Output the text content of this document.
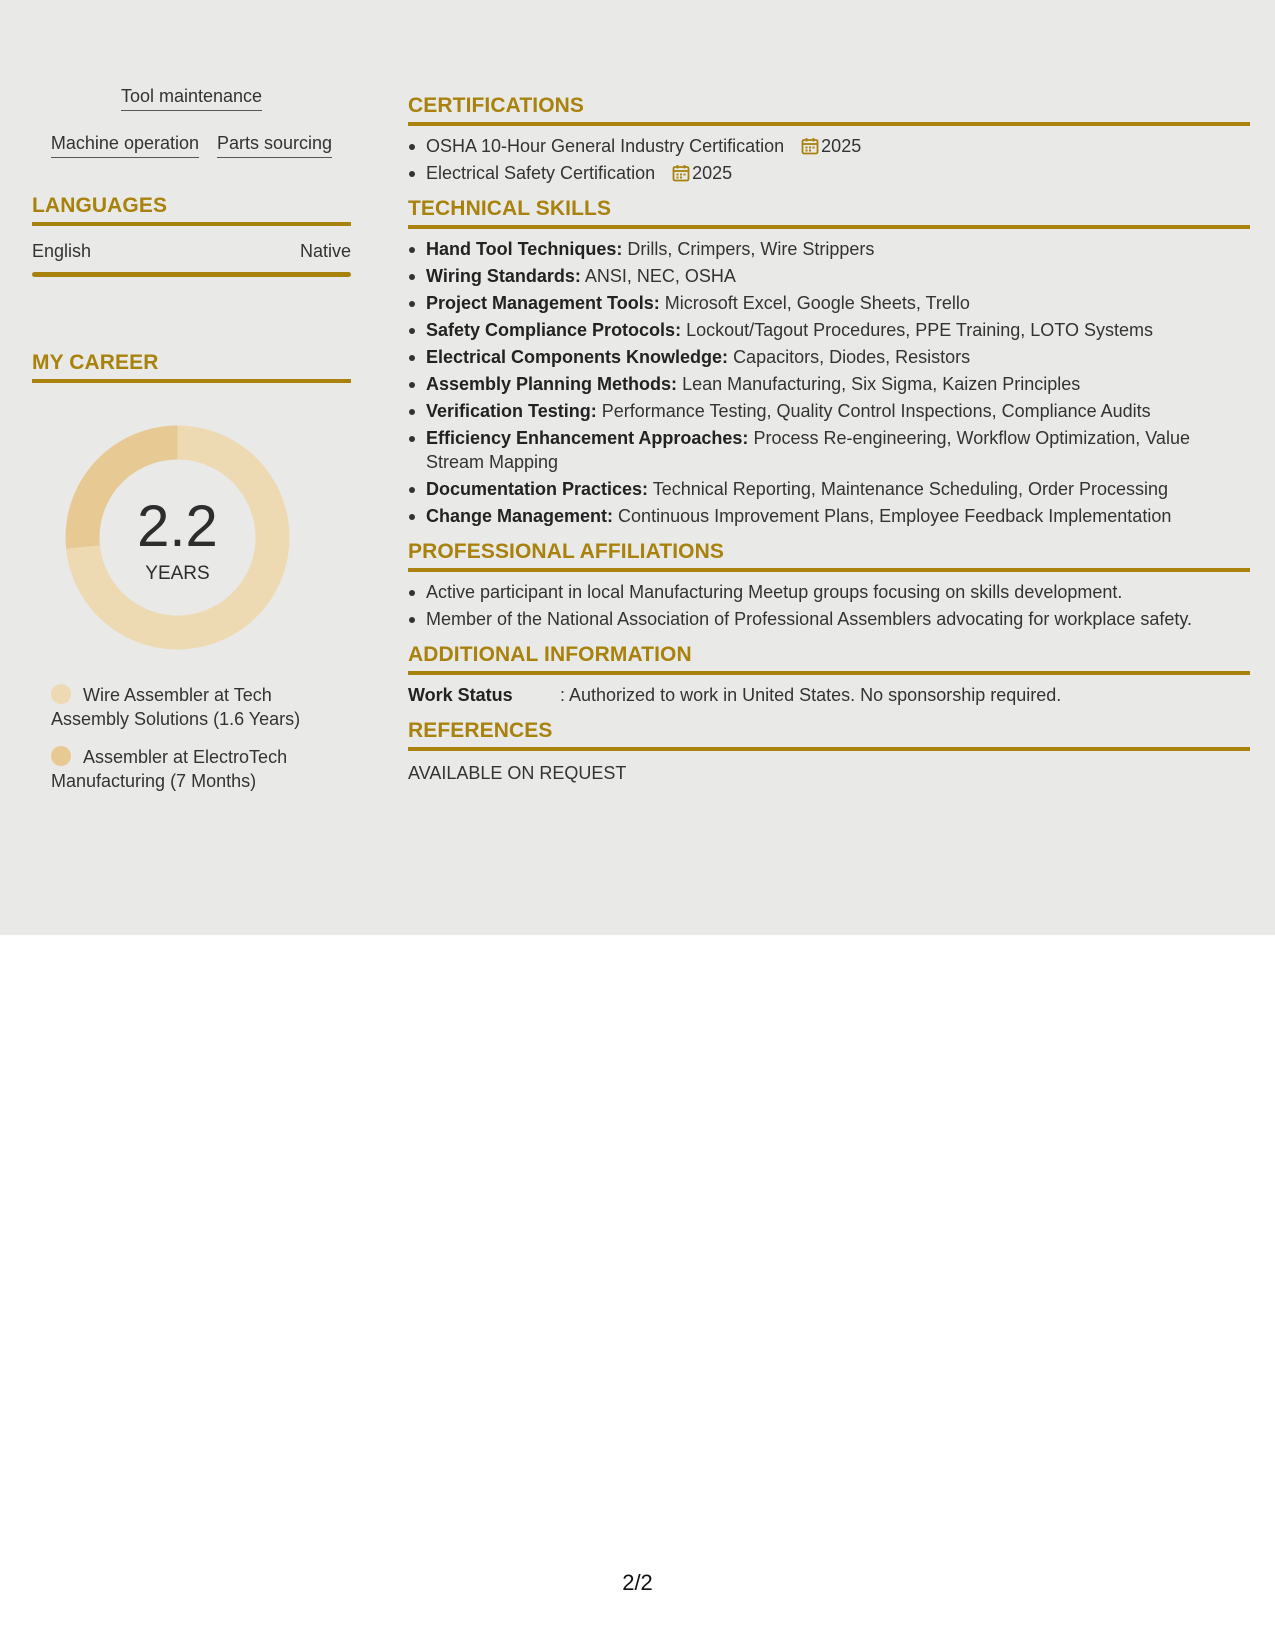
Tool maintenance
Machine operation Parts sourcing
LANGUAGES
English	Native
MY CAREER
2.2
YEARS
Wire Assembler at Tech Assembly Solutions (1.6 Years)
Assembler at ElectroTech Manufacturing (7 Months)
CERTIFICATIONS
OSHA 10-Hour General Industry Certification 2025
Electrical Safety Certification 2025
TECHNICAL SKILLS
Hand Tool Techniques: Drills, Crimpers, Wire Strippers
Wiring Standards: ANSI, NEC, OSHA
Project Management Tools: Microsoft Excel, Google Sheets, Trello
Safety Compliance Protocols: Lockout/Tagout Procedures, PPE Training, LOTO Systems
Electrical Components Knowledge: Capacitors, Diodes, Resistors
Assembly Planning Methods: Lean Manufacturing, Six Sigma, Kaizen Principles
Verification Testing: Performance Testing, Quality Control Inspections, Compliance Audits
Efficiency Enhancement Approaches: Process Re-engineering, Workflow Optimization, Value Stream Mapping
Documentation Practices: Technical Reporting, Maintenance Scheduling, Order Processing
Change Management: Continuous Improvement Plans, Employee Feedback Implementation
PROFESSIONAL AFFILIATIONS
Active participant in local Manufacturing Meetup groups focusing on skills development.
Member of the National Association of Professional Assemblers advocating for workplace safety.
ADDITIONAL INFORMATION
Work Status	: Authorized to work in United States. No sponsorship required.
REFERENCES
AVAILABLE ON REQUEST
2/2
